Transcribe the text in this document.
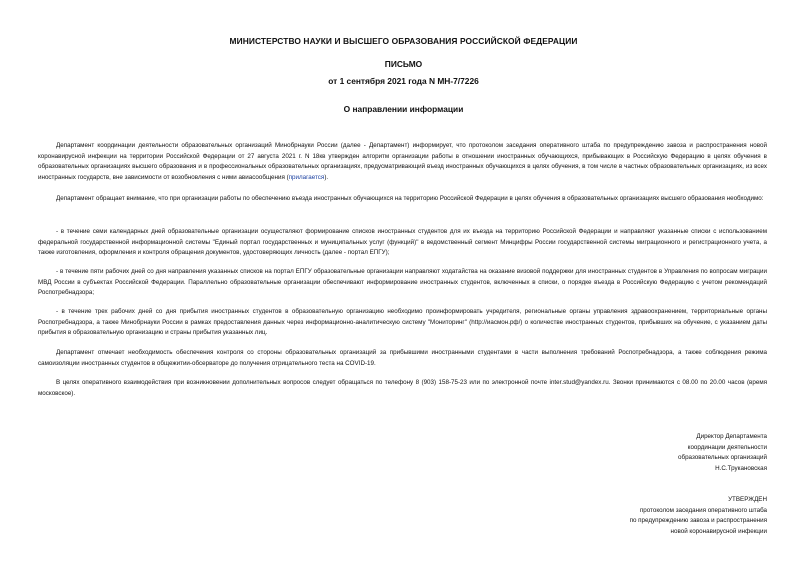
МИНИСТЕРСТВО НАУКИ И ВЫСШЕГО ОБРАЗОВАНИЯ РОССИЙСКОЙ ФЕДЕРАЦИИ
ПИСЬМО
от 1 сентября 2021 года N МН-7/7226
О направлении информации

Департамент координации деятельности образовательных организаций Минобрнауки России (далее - Департамент) информирует, что протоколом заседания оперативного штаба по предупреждению завоза и распространения новой коронавирусной инфекции на территории Российской Федерации от 27 августа 2021 г. N 18кв утвержден алгоритм организации работы в отношении иностранных обучающихся, прибывающих в Российскую Федерацию в целях обучения в образовательных организациях высшего образования и в профессиональных образовательных организациях, предусматривающий въезд иностранных обучающихся в целях обучения, в том числе в частных образовательных организациях, из всех иностранных государств, вне зависимости от возобновления с ними авиасообщения (прилагается).

Департамент обращает внимание, что при организации работы по обеспечению въезда иностранных обучающихся на территорию Российской Федерации в целях обучения в образовательных организациях высшего образования необходимо:

- в течение семи календарных дней образовательные организации осуществляют формирование списков иностранных студентов для их въезда на территорию Российской Федерации и направляют указанные списки с использованием федеральной государственной информационной системы "Единый портал государственных и муниципальных услуг (функций)" в ведомственный сегмент Минцифры России государственной системы миграционного и регистрационного учета, а также изготовления, оформления и контроля обращения документов, удостоверяющих личность (далее - портал ЕПГУ);

- в течение пяти рабочих дней со дня направления указанных списков на портал ЕПГУ образовательные организации направляют ходатайства на оказание визовой поддержки для иностранных студентов в Управления по вопросам миграции МВД России в субъектах Российской Федерации. Параллельно образовательные организации обеспечивают информирование иностранных студентов, включенных в списки, о порядке въезда в Российскую Федерацию с учетом рекомендаций Роспотребнадзора;

- в течение трех рабочих дней со дня прибытия иностранных студентов в образовательную организацию необходимо проинформировать учредителя, региональные органы управления здравоохранением, территориальные органы Роспотребнадзора, а также Минобрнауки России в рамках предоставления данных через информационно-аналитическую систему "Мониторинг" (http://иасмон.рф/) о количестве иностранных студентов, прибывших на обучение, с указанием даты прибытия в образовательную организацию и страны прибытия указанных лиц.

Департамент отмечает необходимость обеспечения контроля со стороны образовательных организаций за прибывшими иностранными студентами в части выполнения требований Роспотребнадзора, а также соблюдения режима самоизоляции иностранных студентов в общежитии-обсерваторе до получения отрицательного теста на COVID-19.

В целях оперативного взаимодействия при возникновении дополнительных вопросов следует обращаться по телефону 8 (903) 158-75-23 или по электронной почте inter.stud@yandex.ru. Звонки принимаются с 08.00 по 20.00 часов (время московское).

Директор Департамента
координации деятельности
образовательных организаций
Н.С.Трукановская
УТВЕРЖДЕН
протоколом заседания оперативного штаба
по предупреждению завоза и распространения
новой коронавирусной инфекции
